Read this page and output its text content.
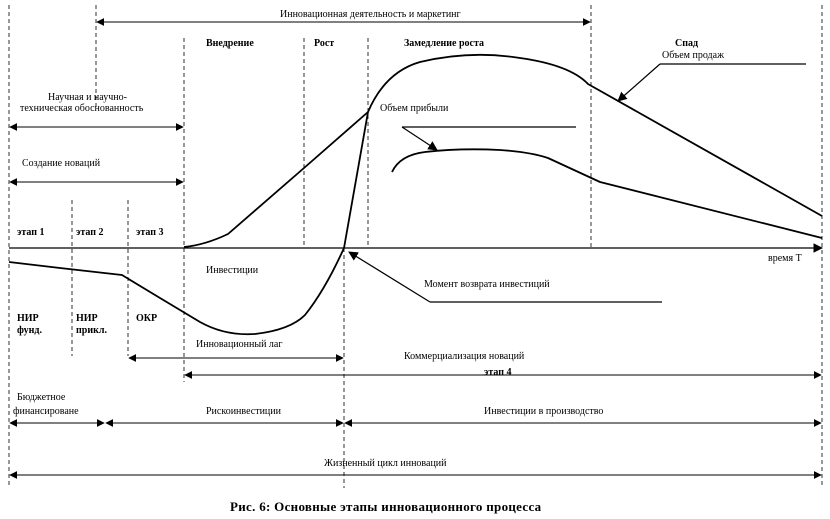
Инновационная деятельность и маркетинг
Внедрение	Рост	Замедление роста	Спад
Объем продаж
Научная и научно-
техническая обоснованность	Объем прибыли
Создание новаций
этап 1	этап 2	этап 3
время T
Инвестиции
Момент возврата инвестиций
НИР
фунд.
НИР
прикл.
ОКР
Инновационный лаг
Коммерциализация новаций
этап 4
Бюджетное
финансироване	Рискоинвестиции	Инвестиции в производство
Жизненный цикл инноваций
Рис. 6: Основные этапы инновационного процесса
